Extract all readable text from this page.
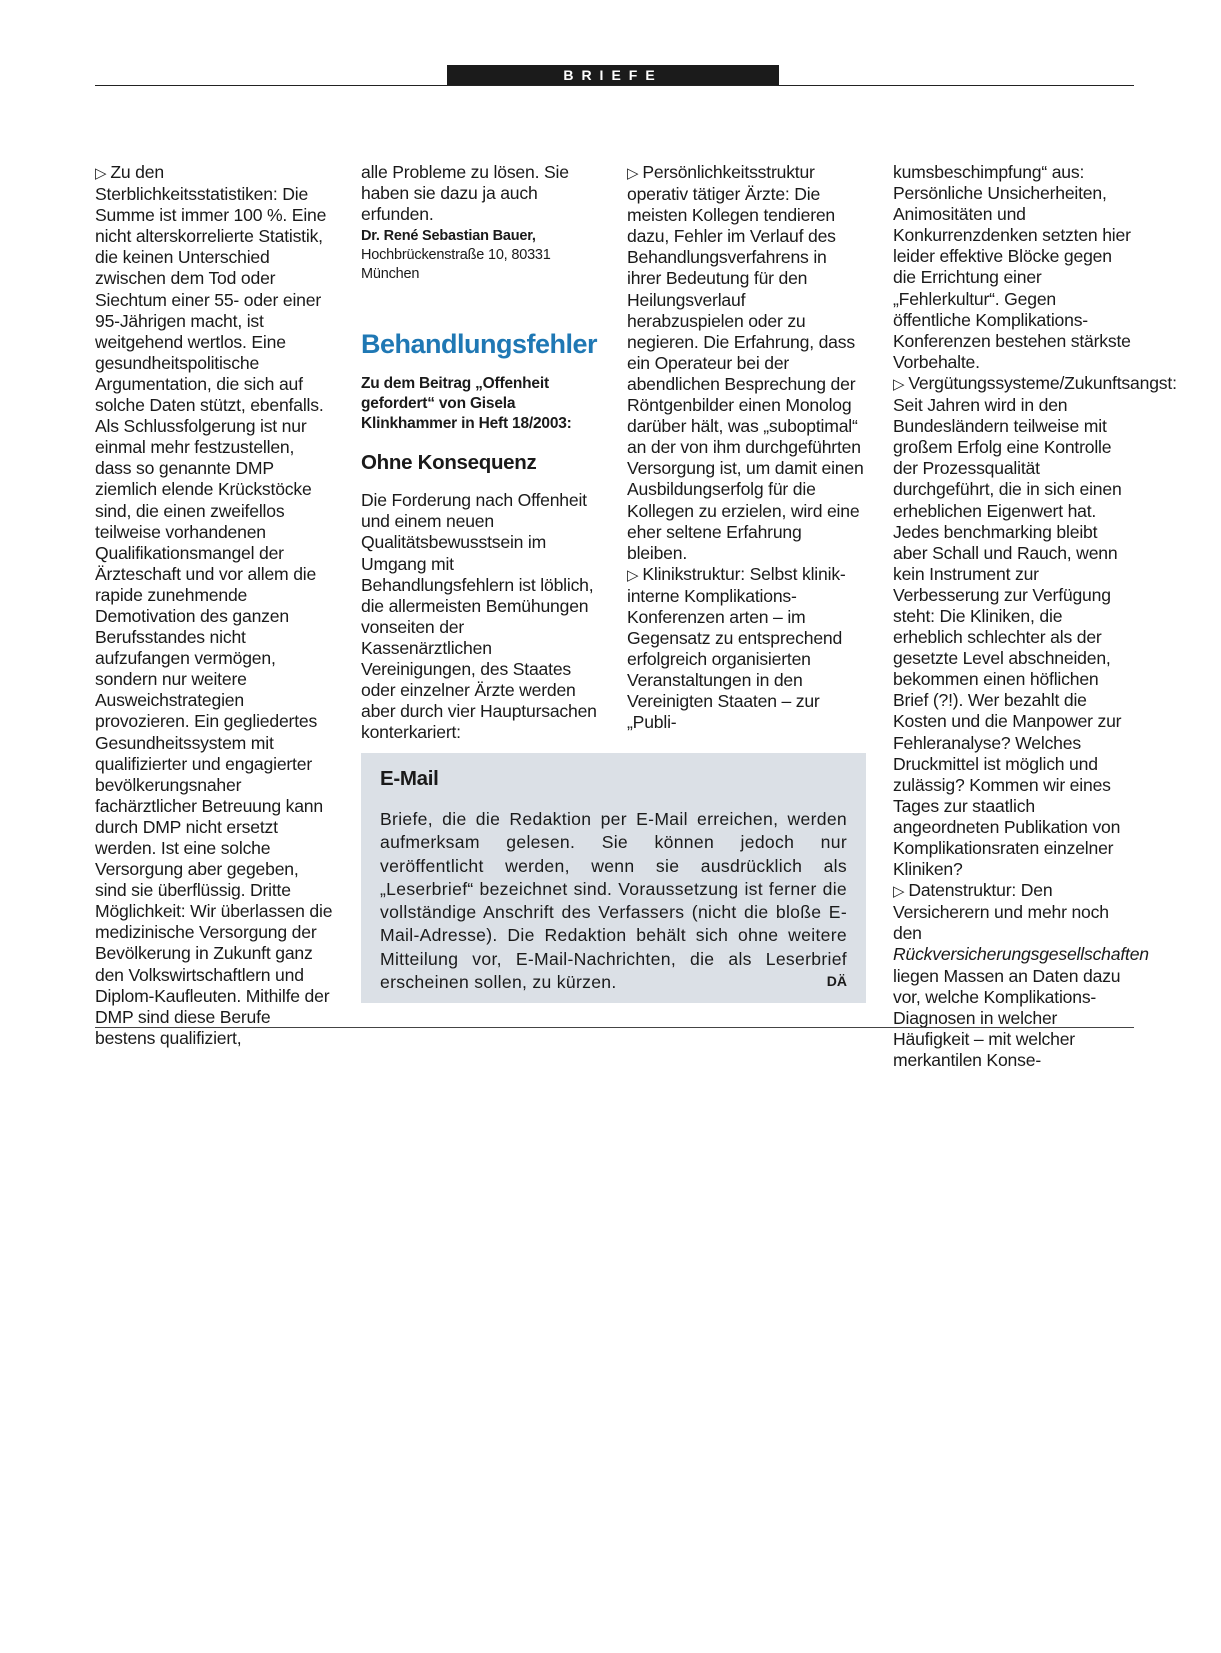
BRIEFE

▷ Zu den Sterblichkeitsstatistiken: Die Summe ist immer 100 %. Eine nicht alterskorrelierte Statistik, die keinen Unterschied zwischen dem Tod oder Siechtum einer 55- oder einer 95-Jährigen macht, ist weitgehend wertlos. Eine gesundheitspolitische Argumentation, die sich auf solche Daten stützt, ebenfalls.

Als Schlussfolgerung ist nur einmal mehr festzustellen, dass so genannte DMP ziemlich elende Krückstöcke sind, die einen zweifellos teilweise vorhandenen Qualifikationsmangel der Ärzteschaft und vor allem die rapide zunehmende Demotivation des ganzen Berufsstandes nicht aufzufangen vermögen, sondern nur weitere Ausweichstrategien provozieren. Ein gegliedertes Gesundheitssystem mit qualifizierter und engagierter bevölkerungsnaher fachärztlicher Betreuung kann durch DMP nicht ersetzt werden. Ist eine solche Versorgung aber gegeben, sind sie überflüssig. Dritte Möglichkeit: Wir überlassen die medizinische Versorgung der Bevölkerung in Zukunft ganz den Volkswirtschaftlern und Diplom-Kaufleuten. Mithilfe der DMP sind diese Berufe bestens qualifiziert,

alle Probleme zu lösen. Sie haben sie dazu ja auch erfunden.

Dr. René Sebastian Bauer,
Hochbrückenstraße 10, 80331 München
Behandlungsfehler
Zu dem Beitrag „Offenheit gefordert“ von Gisela Klinkhammer in Heft 18/2003:
Ohne Konsequenz

Die Forderung nach Offenheit und einem neuen Qualitätsbewusstsein im Umgang mit Behandlungsfehlern ist löblich, die allermeisten Bemühungen vonseiten der Kassenärztlichen Vereinigungen, des Staates oder einzelner Ärzte werden aber durch vier Hauptursachen konterkariert:

▷ Persönlichkeitsstruktur operativ tätiger Ärzte: Die meisten Kollegen tendieren dazu, Fehler im Verlauf des Behandlungsverfahrens in ihrer Bedeutung für den Heilungsverlauf herabzuspielen oder zu negieren. Die Erfahrung, dass ein Operateur bei der abendlichen Besprechung der Röntgenbilder einen Monolog darüber hält, was „suboptimal“ an der von ihm durchgeführten Versorgung ist, um damit einen Ausbildungserfolg für die Kollegen zu erzielen, wird eine eher seltene Erfahrung bleiben.

▷ Klinikstruktur: Selbst klinik-interne Komplikations-Konferenzen arten – im Gegensatz zu entsprechend erfolgreich organisierten Veranstaltungen in den Vereinigten Staaten – zur „Publi-

kumsbeschimpfung“ aus: Persönliche Unsicherheiten, Animositäten und Konkurrenzdenken setzten hier leider effektive Blöcke gegen die Errichtung einer „Fehlerkultur“. Gegen öffentliche Komplikations-Konferenzen bestehen stärkste Vorbehalte.

▷ Vergütungssysteme/Zukunftsangst: Seit Jahren wird in den Bundesländern teilweise mit großem Erfolg eine Kontrolle der Prozessqualität durchgeführt, die in sich einen erheblichen Eigenwert hat. Jedes benchmarking bleibt aber Schall und Rauch, wenn kein Instrument zur Verbesserung zur Verfügung steht: Die Kliniken, die erheblich schlechter als der gesetzte Level abschneiden, bekommen einen höflichen Brief (?!). Wer bezahlt die Kosten und die Manpower zur Fehleranalyse? Welches Druckmittel ist möglich und zulässig? Kommen wir eines Tages zur staatlich angeordneten Publikation von Komplikationsraten einzelner Kliniken?

▷ Datenstruktur: Den Versicherern und mehr noch den Rückversicherungsgesellschaften liegen Massen an Daten dazu vor, welche Komplikations-Diagnosen in welcher Häufigkeit – mit welcher merkantilen Konse-

E-Mail
Briefe, die die Redaktion per E-Mail erreichen, werden aufmerksam gelesen. Sie können jedoch nur veröffentlicht werden, wenn sie ausdrücklich als „Leserbrief“ bezeichnet sind. Voraussetzung ist ferner die vollständige Anschrift des Verfassers (nicht die bloße E-Mail-Adresse). Die Redaktion behält sich ohne weitere Mitteilung vor, E-Mail-Nachrichten, die als Leserbrief erscheinen sollen, zu kürzen.	DÄ
